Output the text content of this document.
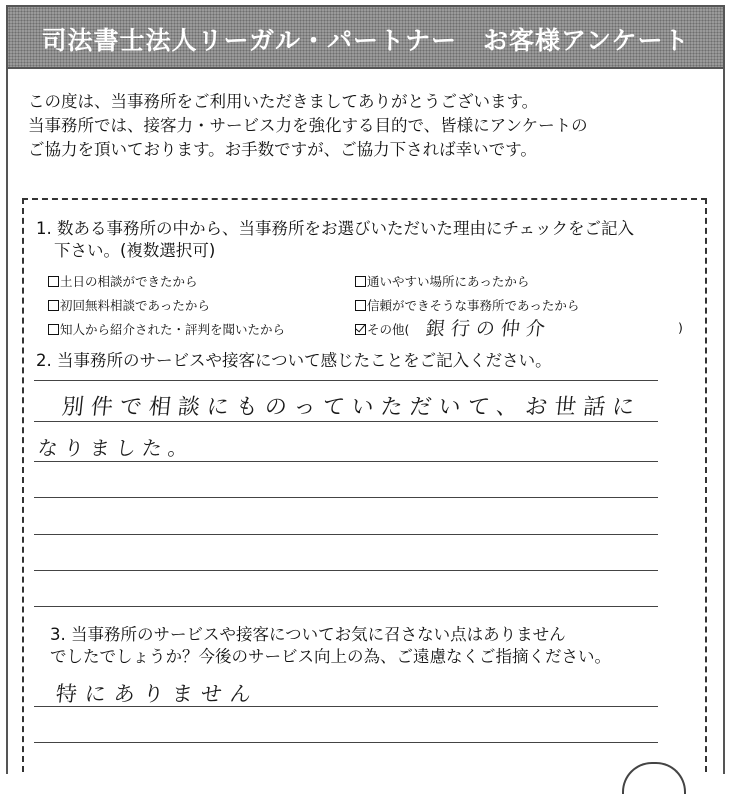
司法書士法人リーガル・パートナー　お客様アンケート
この度は、当事務所をご利用いただきましてありがとうございます。
当事務所では、接客力・サービス力を強化する目的で、皆様にアンケートの
ご協力を頂いております。お手数ですが、ご協力下されば幸いです。
1. 数ある事務所の中から、当事務所をお選びいただいた理由にチェックをご記入
下さい。(複数選択可)
土日の相談ができたから	通いやすい場所にあったから
初回無料相談であったから	信頼ができそうな事務所であったから
知人から紹介された・評判を聞いたから	その他( 銀行の仲介	)
2. 当事務所のサービスや接客について感じたことをご記入ください。
別件で相談にものっていただいて、お世話に
なりました。
3. 当事務所のサービスや接客についてお気に召さない点はありません
でしたでしょうか？今後のサービス向上の為、ご遠慮なくご指摘ください。
特にありません
